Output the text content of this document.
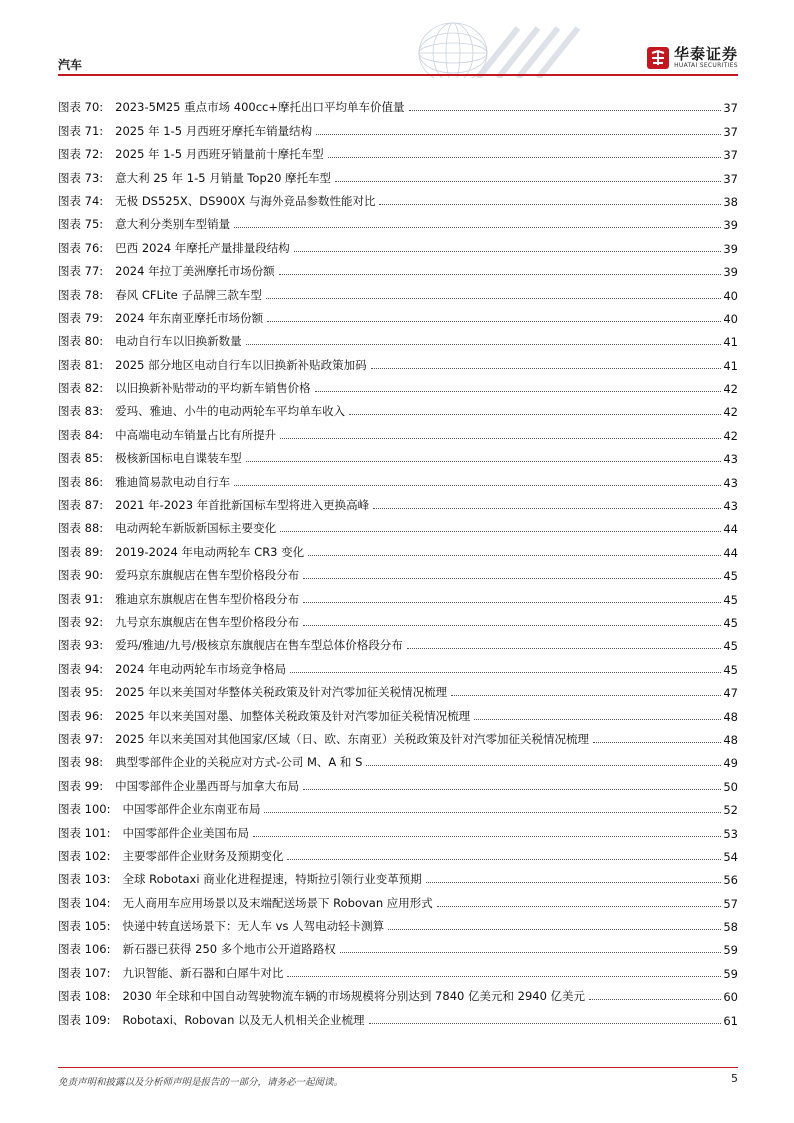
汽车
华泰证券
HUATAI SECURITIES
图表 70:	2023-5M25 重点市场 400cc+摩托出口平均单车价值量	37
图表 71:	2025 年 1-5 月西班牙摩托车销量结构	37
图表 72:	2025 年 1-5 月西班牙销量前十摩托车型	37
图表 73:	意大利 25 年 1-5 月销量 Top20 摩托车型	37
图表 74:	无极 DS525X、DS900X 与海外竞品参数性能对比	38
图表 75:	意大利分类别车型销量	39
图表 76:	巴西 2024 年摩托产量排量段结构	39
图表 77:	2024 年拉丁美洲摩托市场份额	39
图表 78:	春风 CFLite 子品牌三款车型	40
图表 79:	2024 年东南亚摩托市场份额	40
图表 80:	电动自行车以旧换新数量	41
图表 81:	2025 部分地区电动自行车以旧换新补贴政策加码	41
图表 82:	以旧换新补贴带动的平均新车销售价格	42
图表 83:	爱玛、雅迪、小牛的电动两轮车平均单车收入	42
图表 84:	中高端电动车销量占比有所提升	42
图表 85:	极核新国标电自谍装车型	43
图表 86:	雅迪简易款电动自行车	43
图表 87:	2021 年-2023 年首批新国标车型将进入更换高峰	43
图表 88:	电动两轮车新版新国标主要变化	44
图表 89:	2019-2024 年电动两轮车 CR3 变化	44
图表 90:	爱玛京东旗舰店在售车型价格段分布	45
图表 91:	雅迪京东旗舰店在售车型价格段分布	45
图表 92:	九号京东旗舰店在售车型价格段分布	45
图表 93:	爱玛/雅迪/九号/极核京东旗舰店在售车型总体价格段分布	45
图表 94:	2024 年电动两轮车市场竞争格局	45
图表 95:	2025 年以来美国对华整体关税政策及针对汽零加征关税情况梳理	47
图表 96:	2025 年以来美国对墨、加整体关税政策及针对汽零加征关税情况梳理	48
图表 97:	2025 年以来美国对其他国家/区域（日、欧、东南亚）关税政策及针对汽零加征关税情况梳理	48
图表 98:	典型零部件企业的关税应对方式-公司 M、A 和 S	49
图表 99:	中国零部件企业墨西哥与加拿大布局	50
图表 100:	中国零部件企业东南亚布局	52
图表 101:	中国零部件企业美国布局	53
图表 102:	主要零部件企业财务及预期变化	54
图表 103:	全球 Robotaxi 商业化进程提速，特斯拉引领行业变革预期	56
图表 104:	无人商用车应用场景以及末端配送场景下 Robovan 应用形式	57
图表 105:	快递中转直送场景下：无人车 vs 人驾电动轻卡测算	58
图表 106:	新石器已获得 250 多个地市公开道路路权	59
图表 107:	九识智能、新石器和白犀牛对比	59
图表 108:	2030 年全球和中国自动驾驶物流车辆的市场规模将分别达到 7840 亿美元和 2940 亿美元	60
图表 109:	Robotaxi、Robovan 以及无人机相关企业梳理	61
免责声明和披露以及分析师声明是报告的一部分，请务必一起阅读。	5
